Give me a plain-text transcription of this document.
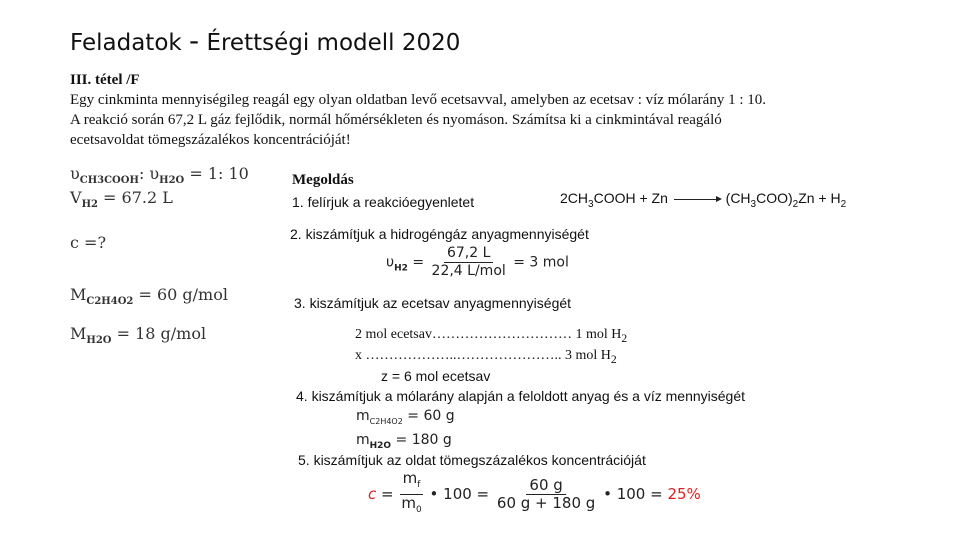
Feladatok - Érettségi modell 2020
III. tétel /F
Egy cinkminta mennyiségileg reagál egy olyan oldatban levő ecetsavval, amelyben az ecetsav : víz mólarány 1 : 10.
A reakció során 67,2 L gáz fejlődik, normál hőmérsékleten és nyomáson. Számítsa ki a cinkmintával reagáló
ecetsavoldat tömegszázalékos koncentrációját!
$\upsilon_{CH3COOH}$: $\upsilon_{H2O} = 1$: 10
$V_{H2} = 67.2$ L
c =?
$M_{C2H4O2} = 60$ g/mol
$M_{H2O} = 18$ g/mol
Megoldás
1. felírjuk a reakcióegyenletet	$2CH_3COOH + Zn \to (CH_3COO)_2Zn + H_2$
2. kiszámítjuk a hidrogéngáz anyagmennyiségét
$\upsilon_{H2} = \frac{67,2 L}{\text{22,4 L/mol}} = 3$ mol
3. kiszámítjuk az ecetsav anyagmennyiségét
2 mol ecetsav………………………… 1 mol $H_2$
x ………………..………………….. 3 mol $H_2$
z = 6 mol ecetsav
4. kiszámítjuk a mólarány alapján a feloldott anyag és a víz mennyiségét
$m_{C2H4O2} = 60$ g
$m_{H2O} = 180$ g
5. kiszámítjuk az oldat tömegszázalékos koncentrációját
$c = \frac{m_f}{m_0}$ • $100 = \frac{60 g}{60 g + 180 g}$ • 100 = 25%
